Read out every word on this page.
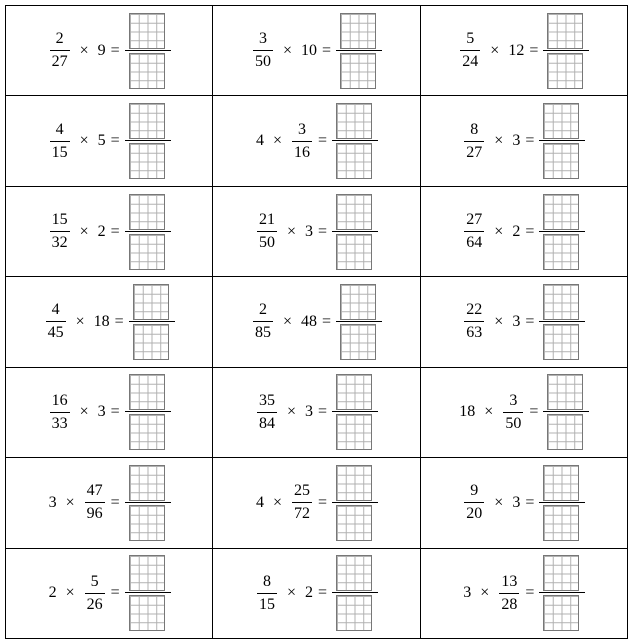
$\frac{2}{27} \times 9$ =	$\frac{3}{50} \times 10$ =	$\frac{5}{24} \times 12$ =

$\frac{4}{15} \times 5$ =	$4 \times \frac{3}{16}$ =	$\frac{8}{27} \times 3$ =

$\frac{15}{32} \times 2$ =	$\frac{21}{50} \times 3$ =	$\frac{27}{64} \times 2$ =

$\frac{4}{45} \times 18$ =	$\frac{2}{85} \times 48$ =	$\frac{22}{63} \times 3$ =

$\frac{16}{33} \times 3$ =	$\frac{35}{84} \times 3$ =	$18 \times \frac{3}{50}$ =

$3 \times \frac{47}{96}$ =	$4 \times \frac{25}{72}$ =	$\frac{9}{20} \times 3$ =

$2 \times \frac{5}{26}$ =	$\frac{8}{15} \times 2$ =	$3 \times \frac{13}{28}$ =
